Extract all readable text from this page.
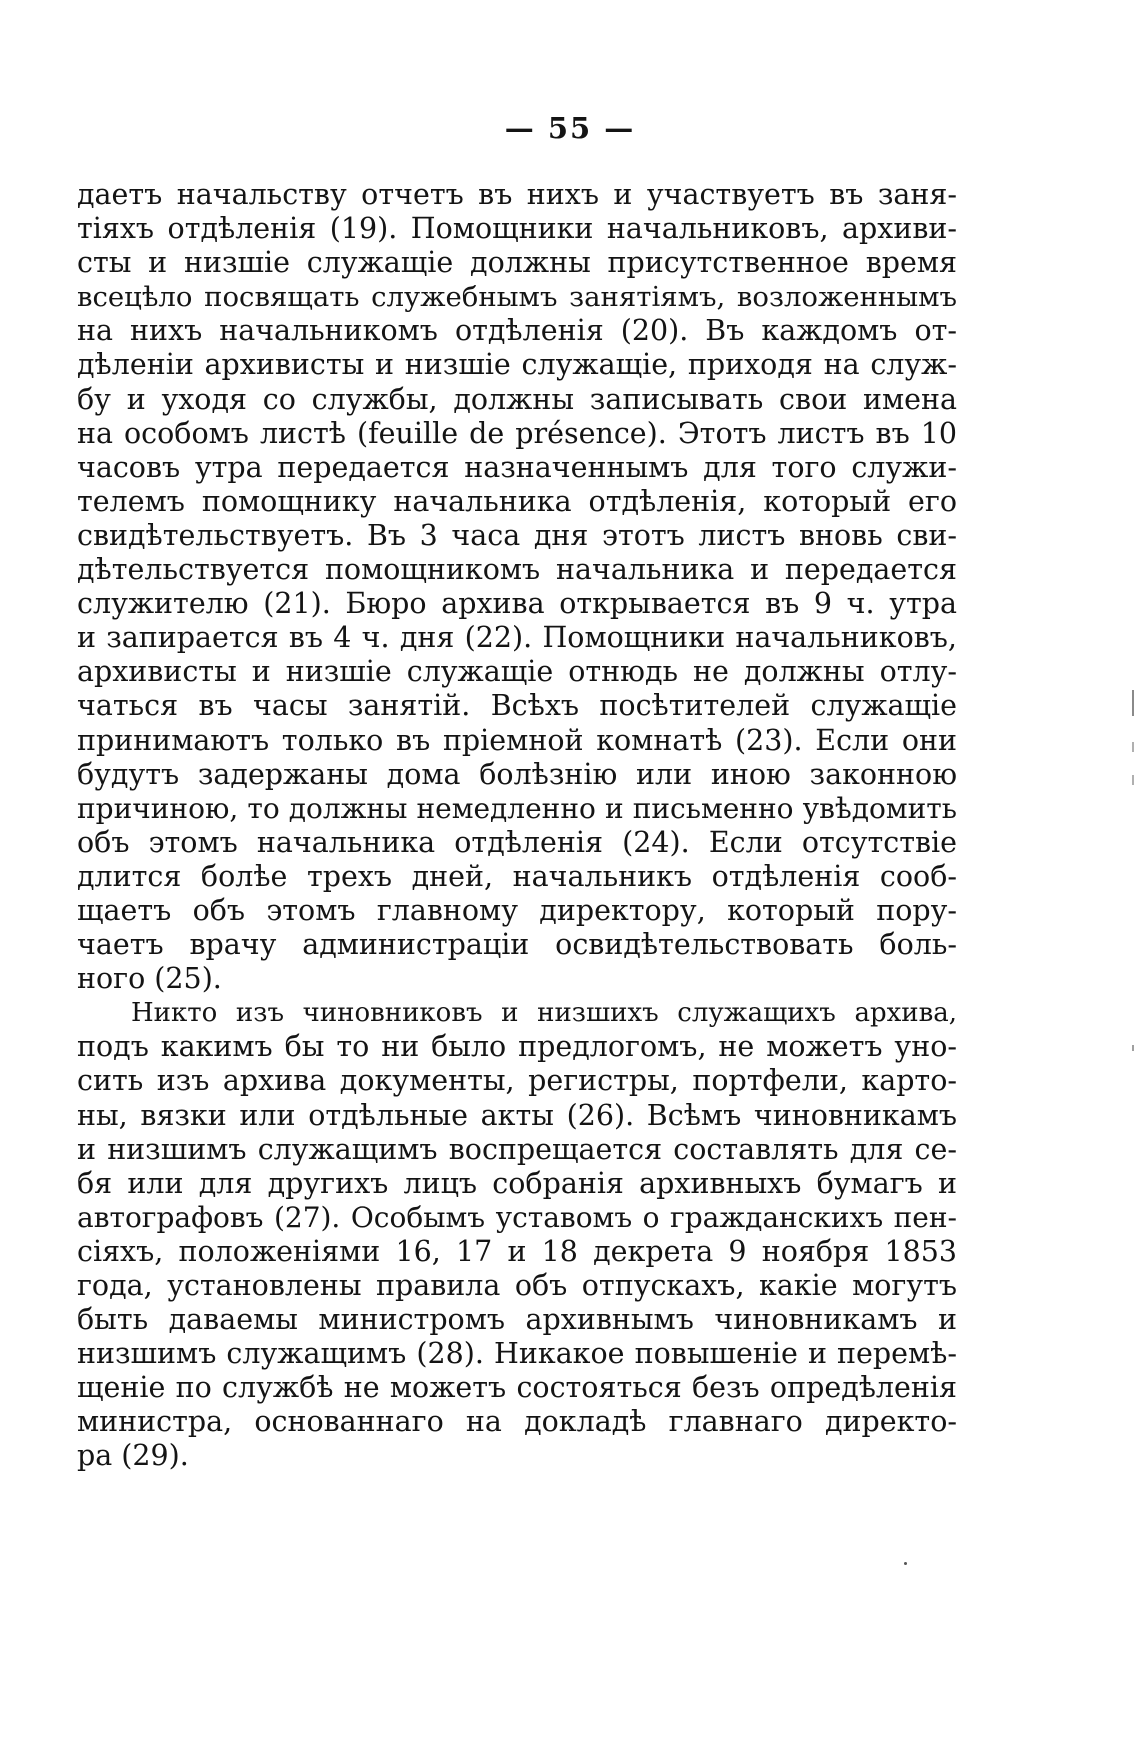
— 55 —
даетъ начальству отчетъ въ нихъ и участвуетъ въ заня-
тіяхъ отдѣленія (19). Помощники начальниковъ, архиви-
сты и низшіе служащіе должны присутственное время
всецѣло посвящать служебнымъ занятіямъ, возложеннымъ
на нихъ начальникомъ отдѣленія (20). Въ каждомъ от-
дѣленіи архивисты и низшіе служащіе, приходя на служ-
бу и уходя со службы, должны записывать свои имена
на особомъ листѣ (feuille de présence). Этотъ листъ въ 10
часовъ утра передается назначеннымъ для того служи-
телемъ помощнику начальника отдѣленія, который его
свидѣтельствуетъ. Въ 3 часа дня этотъ листъ вновь сви-
дѣтельствуется помощникомъ начальника и передается
служителю (21). Бюро архива открывается въ 9 ч. утра
и запирается въ 4 ч. дня (22). Помощники начальниковъ,
архивисты и низшіе служащіе отнюдь не должны отлу-
чаться въ часы занятій. Всѣхъ посѣтителей служащіе
принимаютъ только въ пріемной комнатѣ (23). Если они
будутъ задержаны дома болѣзнію или иною законною
причиною, то должны немедленно и письменно увѣдомить
объ этомъ начальника отдѣленія (24). Если отсутствіе
длится болѣе трехъ дней, начальникъ отдѣленія сооб-
щаетъ объ этомъ главному директору, который пору-
чаетъ врачу администраціи освидѣтельствовать боль-
ного (25).
Никто изъ чиновниковъ и низшихъ служащихъ архива,
подъ какимъ бы то ни было предлогомъ, не можетъ уно-
сить изъ архива документы, регистры, портфели, карто-
ны, вязки или отдѣльные акты (26). Всѣмъ чиновникамъ
и низшимъ служащимъ воспрещается составлять для се-
бя или для другихъ лицъ собранія архивныхъ бумагъ и
автографовъ (27). Особымъ уставомъ о гражданскихъ пен-
сіяхъ, положеніями 16, 17 и 18 декрета 9 ноября 1853
года, установлены правила объ отпускахъ, какіе могутъ
быть даваемы министромъ архивнымъ чиновникамъ и
низшимъ служащимъ (28). Никакое повышеніе и перемѣ-
щеніе по службѣ не можетъ состояться безъ опредѣленія
министра, основаннаго на докладѣ главнаго директо-
ра (29).
